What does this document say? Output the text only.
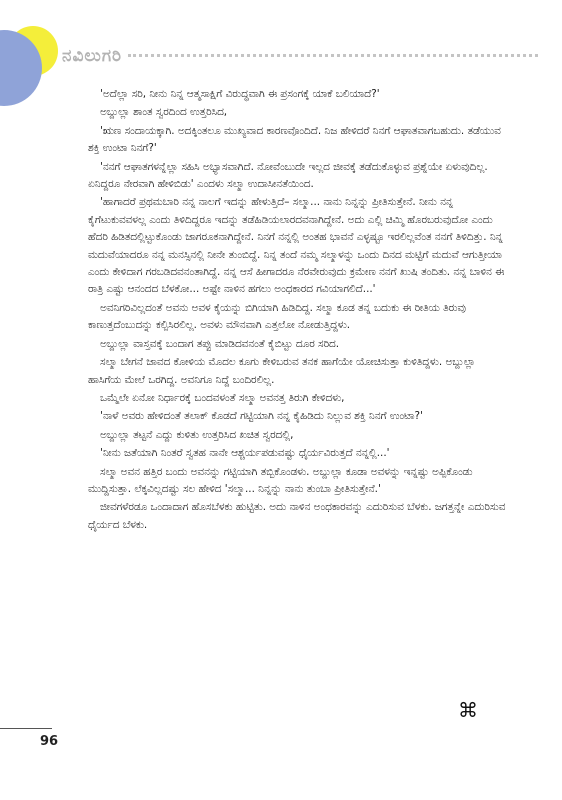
ನವಿಲುಗರಿ

'ಅದೆಲ್ಲಾ ಸರಿ, ನೀನು ನಿನ್ನ ಆತ್ಮಸಾಕ್ಷಿಗೆ ವಿರುದ್ಧವಾಗಿ ಈ ಪ್ರಸಂಗಕ್ಕೆ ಯಾಕೆ ಬಲಿಯಾದೆ?'

ಅಬ್ದುಲ್ಲಾ ಶಾಂತ ಸ್ವರದಿಂದ ಉತ್ತರಿಸಿದ,

'ಋಣ ಸಂದಾಯಕ್ಕಾಗಿ. ಅದಕ್ಕಿಂತಲೂ ಮುಖ್ಯವಾದ ಕಾರಣವೊಂದಿದೆ. ನಿಜ ಹೇಳಿದರೆ ನಿನಗೆ ಆಘಾತವಾಗಬಹುದು. ತಡೆಯುವ ಶಕ್ತಿ ಉಂಟಾ ನಿನಗೆ?'

'ನನಗೆ ಆಘಾತಗಳನ್ನೆಲ್ಲಾ ಸಹಿಸಿ ಅಭ್ಯಾಸವಾಗಿದೆ. ನೋವೆಂಬುದೇ ಇಲ್ಲದ ಜೀವಕ್ಕೆ ತಡೆದುಕೊಳ್ಳುವ ಪ್ರಶ್ನೆಯೇ ಏಳುವುದಿಲ್ಲ. ಏನಿದ್ದರೂ ನೇರವಾಗಿ ಹೇಳಿಬಿಡು' ಎಂದಳು ಸಲ್ಮಾ ಉದಾಸೀನತೆಯಿಂದ.

'ಹಾಗಾದರೆ ಪ್ರಥಮಬಾರಿ ನನ್ನ ನಾಲಗೆ ಇದನ್ನು ಹೇಳುತ್ತಿದೆ– ಸಲ್ಮಾ... ನಾನು ನಿನ್ನನ್ನು ಪ್ರೀತಿಸುತ್ತೇನೆ. ನೀನು ನನ್ನ ಕೈಗೆಟುಕುವವಳಲ್ಲ ಎಂದು ತಿಳಿದಿದ್ದರೂ ಇದನ್ನು ತಡೆಹಿಡಿಯಲಾರದವನಾಗಿದ್ದೇನೆ. ಅದು ಎಲ್ಲಿ ಚಿಮ್ಮಿ ಹೊರಬರುವುದೋ ಎಂದು ಹೆದರಿ ಹಿಡಿತದಲ್ಲಿಟ್ಟುಕೊಂಡು ಜಾಗರೂಕನಾಗಿದ್ದೇನೆ. ನಿನಗೆ ನನ್ನಲ್ಲಿ ಅಂತಹ ಭಾವನೆ ಎಳ್ಳಷ್ಟೂ ಇರಲಿಲ್ಲವೆಂತ ನನಗೆ ತಿಳಿದಿತ್ತು. ನಿನ್ನ ಮದುವೆಯಾದರೂ ನನ್ನ ಮನಸ್ಸಿನಲ್ಲಿ ನೀನೇ ತುಂಬಿದ್ದೆ. ನಿನ್ನ ತಂದೆ ನಮ್ಮ ಸಲ್ಮಾಳನ್ನು ಒಂದು ದಿನದ ಮಟ್ಟಿಗೆ ಮದುವೆ ಆಗುತ್ತೀಯಾ ಎಂದು ಕೇಳಿದಾಗ ಗರಬಡಿದವನಂತಾಗಿದ್ದೆ. ನನ್ನ ಆಸೆ ಹೀಗಾದರೂ ನೆರವೇರುವುದು ಕ್ರಮೇಣ ನನಗೆ ಖುಷಿ ತಂದಿತು. ನನ್ನ ಬಾಳಿನ ಈ ರಾತ್ರಿ ಎಷ್ಟು ಆನಂದದ ಬೆಳಕೋ... ಅಷ್ಟೇ ನಾಳಿನ ಹಗಲು ಅಂಧಕಾರದ ಗವಿಯಾಗಲಿದೆ...'

ಅವನಿಗರಿವಿಲ್ಲದಂತೆ ಅವನು ಅವಳ ಕೈಯನ್ನು ಬಿಗಿಯಾಗಿ ಹಿಡಿದಿದ್ದ. ಸಲ್ಮಾ ಕೂಡ ತನ್ನ ಬದುಕು ಈ ರೀತಿಯ ತಿರುವು ಕಾಣುತ್ತದೆಂಬುದನ್ನು ಕಲ್ಪಿಸಿರಲಿಲ್ಲ. ಅವಳು ಮೌನವಾಗಿ ಎತ್ತಲೋ ನೋಡುತ್ತಿದ್ದಳು.

ಅಬ್ದುಲ್ಲಾ ವಾಸ್ತವಕ್ಕೆ ಬಂದಾಗ ತಪ್ಪು ಮಾಡಿದವನಂತೆ ಕೈಬಿಟ್ಟು ದೂರ ಸರಿದ.

ಸಲ್ಮಾ ಬೇಗನೆ ಜಾವದ ಕೋಳಿಯ ಮೊದಲ ಕೂಗು ಕೇಳಿಬರುವ ತನಕ ಹಾಗೆಯೇ ಯೋಚಿಸುತ್ತಾ ಕುಳಿತಿದ್ದಳು. ಅಬ್ದುಲ್ಲಾ ಹಾಸಿಗೆಯ ಮೇಲೆ ಒರಗಿದ್ದ. ಅವನಿಗೂ ನಿದ್ದೆ ಬಂದಿರಲಿಲ್ಲ.

ಒಮ್ಮೆಲೇ ಏನೋ ನಿರ್ಧಾರಕ್ಕೆ ಬಂದವಳಂತೆ ಸಲ್ಮಾ ಅವನತ್ತ ತಿರುಗಿ ಕೇಳಿದಳು,

'ನಾಳೆ ಅವರು ಹೇಳಿದಂತೆ ತಲಾಕ್ ಕೊಡದೆ ಗಟ್ಟಿಯಾಗಿ ನನ್ನ ಕೈಹಿಡಿದು ನಿಲ್ಲುವ ಶಕ್ತಿ ನಿನಗೆ ಉಂಟಾ?'

ಅಬ್ದುಲ್ಲಾ ತಟ್ಟನೆ ಎದ್ದು ಕುಳಿತು ಉತ್ತರಿಸಿದ ಖಚಿತ ಸ್ವರದಲ್ಲಿ,

'ನೀನು ಜತೆಯಾಗಿ ನಿಂತರೆ ಸ್ವತಹ ನಾನೇ ಆಶ್ಚರ್ಯಪಡುವಷ್ಟು ಧೈರ್ಯವಿರುತ್ತದೆ ನನ್ನಲ್ಲಿ...'

ಸಲ್ಮಾ ಅವನ ಹತ್ತಿರ ಬಂದು ಅವನನ್ನು ಗಟ್ಟಿಯಾಗಿ ತಬ್ಬಿಕೊಂಡಳು. ಅಬ್ದುಲ್ಲಾ ಕೂಡಾ ಅವಳನ್ನು ಇನ್ನಷ್ಟು ಅಪ್ಪಿಕೊಂಡು ಮುದ್ದಿಸುತ್ತಾ. ಲೆಕ್ಕವಿಲ್ಲದಷ್ಟು ಸಲ ಹೇಳಿದ 'ಸಲ್ಮಾ... ನಿನ್ನನ್ನು ನಾನು ತುಂಬಾ ಪ್ರೀತಿಸುತ್ತೇನೆ.'

ಜೀವಗಳೆರಡೂ ಒಂದಾದಾಗ ಹೊಸಬೆಳಕು ಹುಟ್ಟಿತು. ಅದು ನಾಳಿನ ಅಂಧಕಾರವನ್ನು ಎದುರಿಸುವ ಬೆಳಕು. ಜಗತ್ತನ್ನೇ ಎದುರಿಸುವ ಧೈರ್ಯದ ಬೆಳಕು.

⌘
96
